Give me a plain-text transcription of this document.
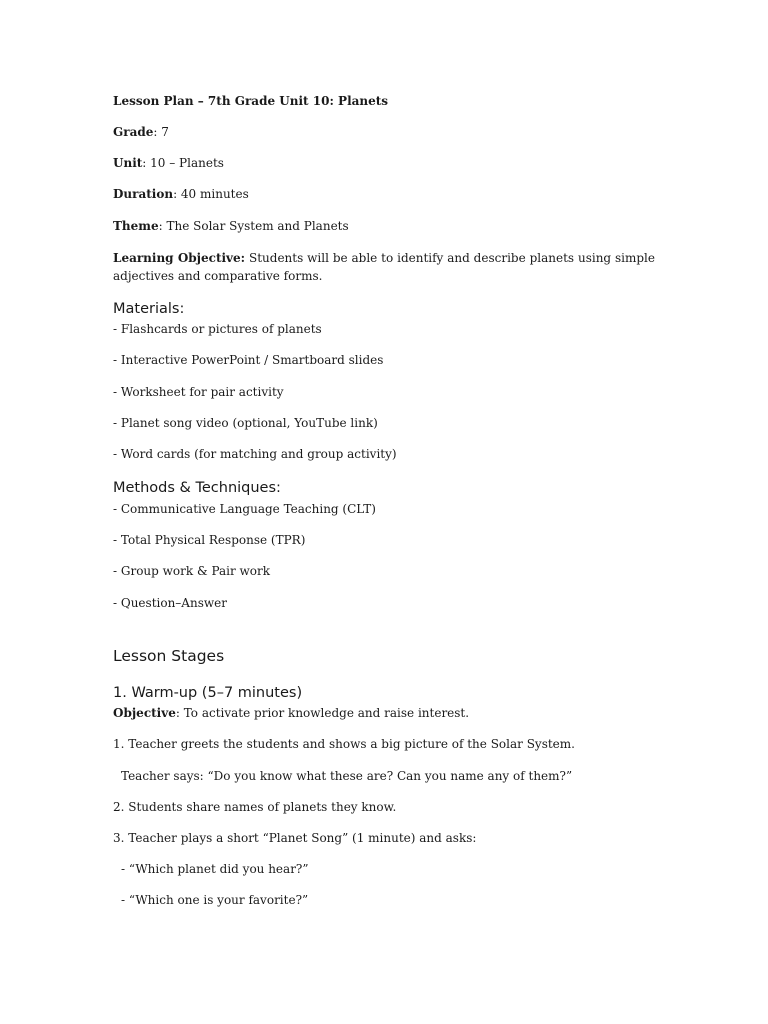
Lesson Plan – 7th Grade Unit 10: Planets

Grade: 7

Unit: 10 – Planets

Duration: 40 minutes

Theme: The Solar System and Planets

Learning Objective: Students will be able to identify and describe planets using simple adjectives and comparative forms.

Materials:

- Flashcards or pictures of planets

- Interactive PowerPoint / Smartboard slides

- Worksheet for pair activity

- Planet song video (optional, YouTube link)

- Word cards (for matching and group activity)

Methods & Techniques:

- Communicative Language Teaching (CLT)

- Total Physical Response (TPR)

- Group work & Pair work

- Question–Answer

Lesson Stages
1. Warm-up (5–7 minutes)

Objective: To activate prior knowledge and raise interest.

1. Teacher greets the students and shows a big picture of the Solar System.

Teacher says: “Do you know what these are? Can you name any of them?”

2. Students share names of planets they know.

3. Teacher plays a short “Planet Song” (1 minute) and asks:

- “Which planet did you hear?”

- “Which one is your favorite?”
